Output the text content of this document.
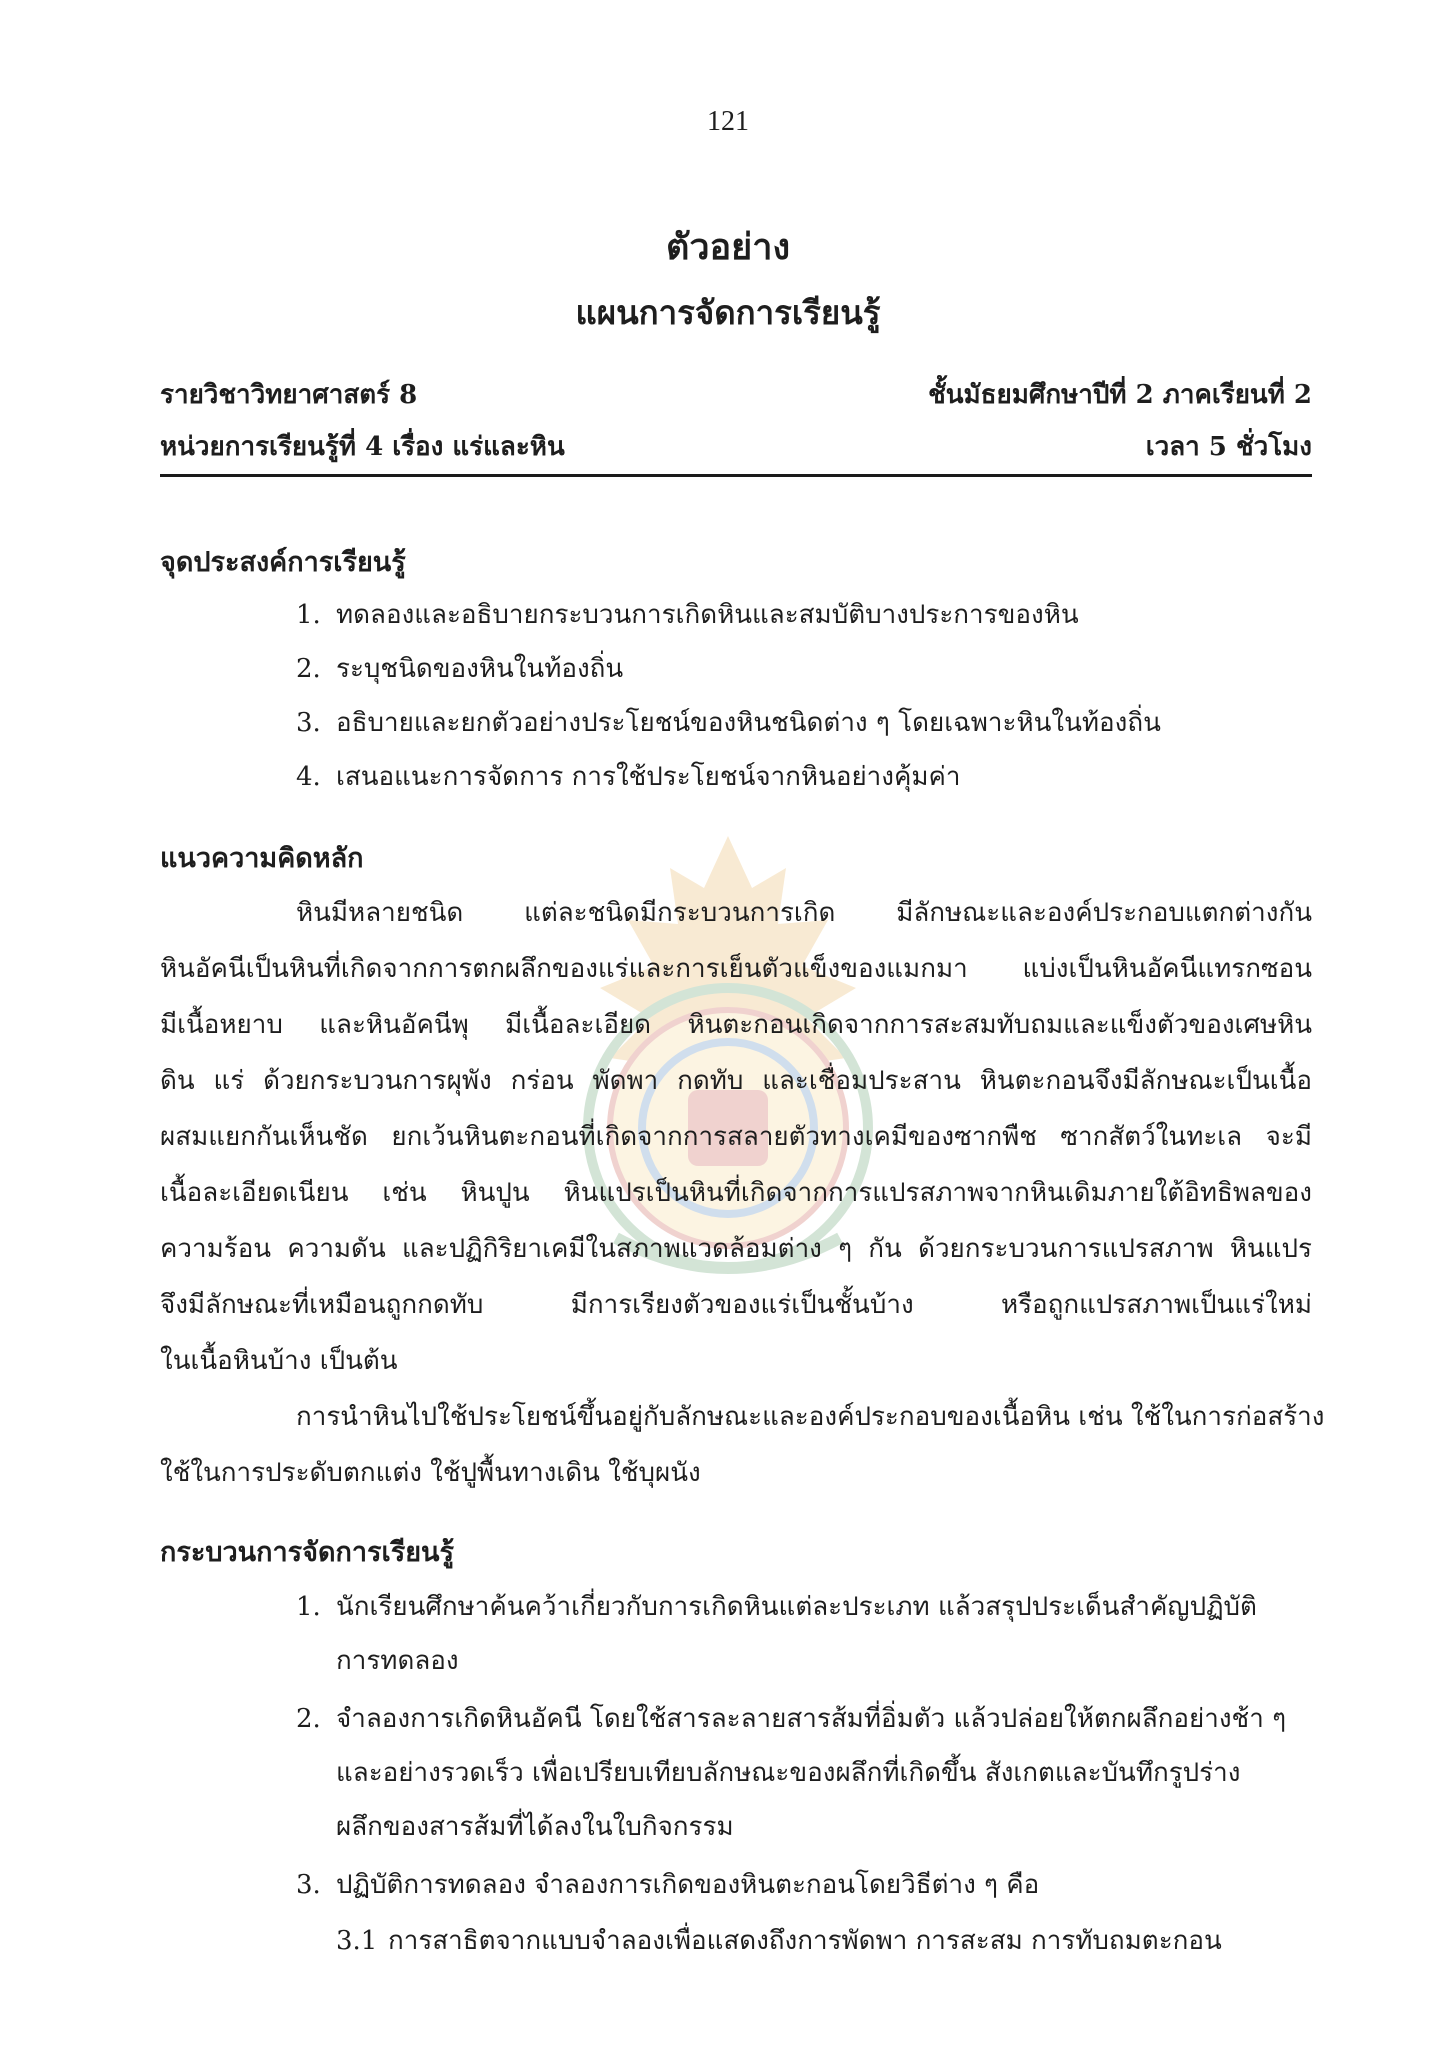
121
ตัวอย่าง
แผนการจัดการเรียนรู้
รายวิชาวิทยาศาสตร์ 8	ชั้นมัธยมศึกษาปีที่ 2 ภาคเรียนที่ 2
หน่วยการเรียนรู้ที่ 4 เรื่อง แร่และหิน	เวลา 5 ชั่วโมง
จุดประสงค์การเรียนรู้
1. ทดลองและอธิบายกระบวนการเกิดหินและสมบัติบางประการของหิน
2. ระบุชนิดของหินในท้องถิ่น
3. อธิบายและยกตัวอย่างประโยชน์ของหินชนิดต่าง ๆ โดยเฉพาะหินในท้องถิ่น
4. เสนอแนะการจัดการ การใช้ประโยชน์จากหินอย่างคุ้มค่า
แนวความคิดหลัก
หินมีหลายชนิด แต่ละชนิดมีกระบวนการเกิด มีลักษณะและองค์ประกอบแตกต่างกัน
หินอัคนีเป็นหินที่เกิดจากการตกผลึกของแร่และการเย็นตัวแข็งของแมกมา แบ่งเป็นหินอัคนีแทรกซอน
มีเนื้อหยาบ และหินอัคนีพุ มีเนื้อละเอียด หินตะกอนเกิดจากการสะสมทับถมและแข็งตัวของเศษหิน
ดิน แร่ ด้วยกระบวนการผุพัง กร่อน พัดพา กดทับ และเชื่อมประสาน หินตะกอนจึงมีลักษณะเป็นเนื้อ
ผสมแยกกันเห็นชัด ยกเว้นหินตะกอนที่เกิดจากการสลายตัวทางเคมีของซากพืช ซากสัตว์ในทะเล จะมี
เนื้อละเอียดเนียน เช่น หินปูน หินแปรเป็นหินที่เกิดจากการแปรสภาพจากหินเดิมภายใต้อิทธิพลของ
ความร้อน ความดัน และปฏิกิริยาเคมีในสภาพแวดล้อมต่าง ๆ กัน ด้วยกระบวนการแปรสภาพ หินแปร
จึงมีลักษณะที่เหมือนถูกกดทับ มีการเรียงตัวของแร่เป็นชั้นบ้าง หรือถูกแปรสภาพเป็นแร่ใหม่
ในเนื้อหินบ้าง เป็นต้น
การนำหินไปใช้ประโยชน์ขึ้นอยู่กับลักษณะและองค์ประกอบของเนื้อหิน เช่น ใช้ในการก่อสร้าง
ใช้ในการประดับตกแต่ง ใช้ปูพื้นทางเดิน ใช้บุผนัง
กระบวนการจัดการเรียนรู้
1. นักเรียนศึกษาค้นคว้าเกี่ยวกับการเกิดหินแต่ละประเภท แล้วสรุปประเด็นสำคัญปฏิบัติ
การทดลอง
2. จำลองการเกิดหินอัคนี โดยใช้สารละลายสารส้มที่อิ่มตัว แล้วปล่อยให้ตกผลึกอย่างช้า ๆ
และอย่างรวดเร็ว เพื่อเปรียบเทียบลักษณะของผลึกที่เกิดขึ้น สังเกตและบันทึกรูปร่าง
ผลึกของสารส้มที่ได้ลงในใบกิจกรรม
3. ปฏิบัติการทดลอง จำลองการเกิดของหินตะกอนโดยวิธีต่าง ๆ คือ
3.1 การสาธิตจากแบบจำลองเพื่อแสดงถึงการพัดพา การสะสม การทับถมตะกอน
